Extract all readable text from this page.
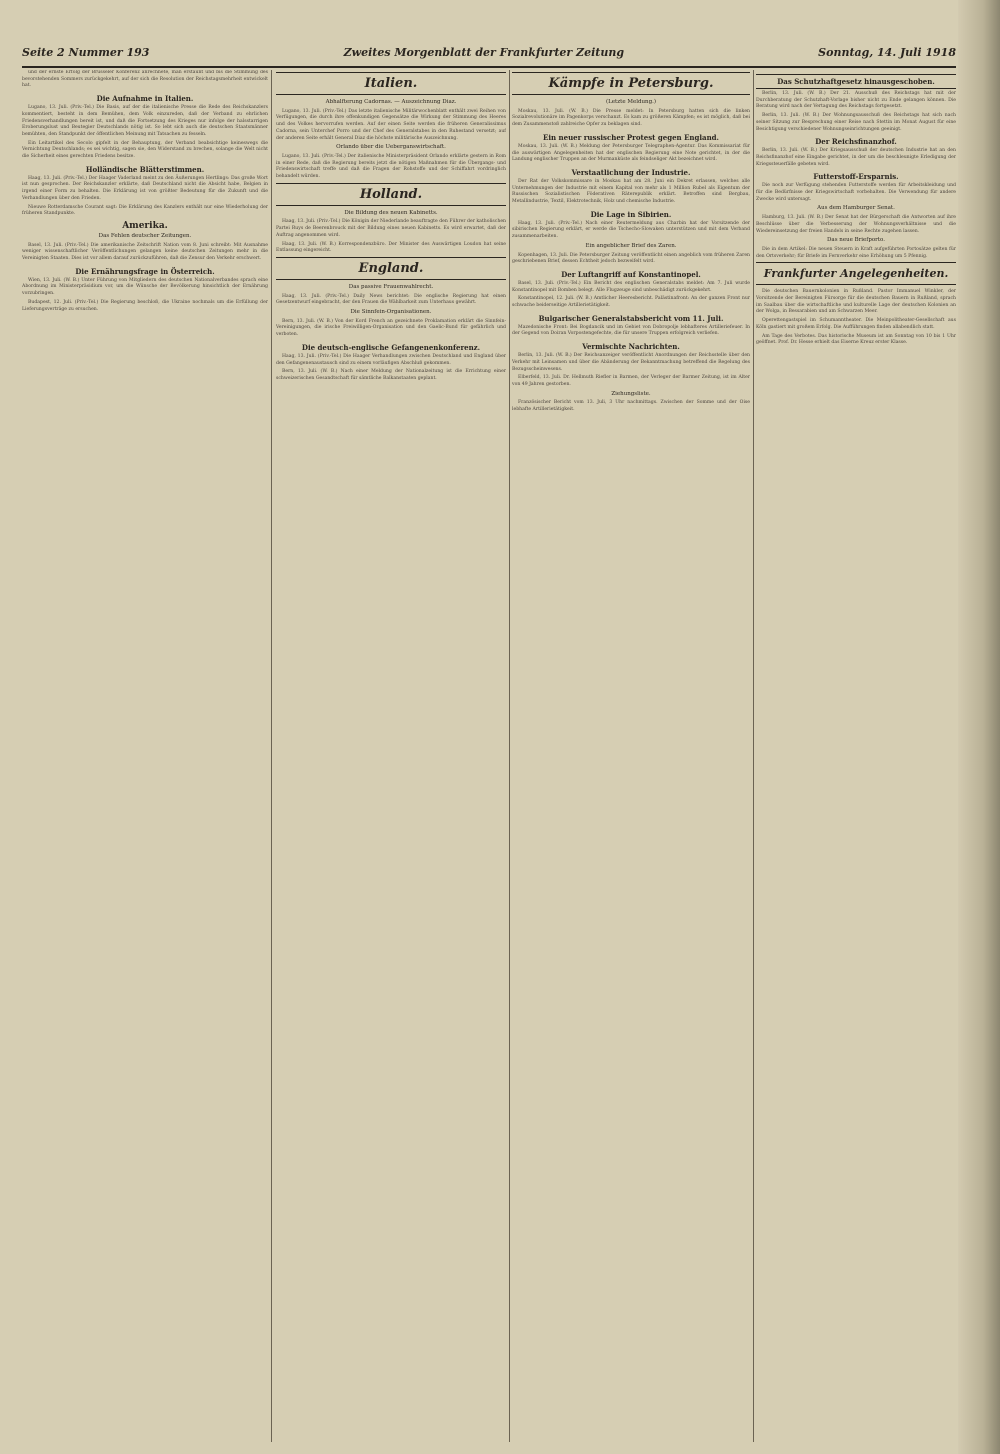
Seite 2 Nummer 193	Zweites Morgenblatt der Frankfurter Zeitung	Sonntag, 14. Juli 1918

und der ernste Erfolg der Brüsseler Konferenz anrechnete, man erstaunt und bis die Stimmung des bevorstehenden Sommers zurückgekehrt, auf der sich die Resolution der Reichstagsmehrheit entwickelt hat.

Die Aufnahme in Italien.

Lugano, 13. Juli. (Priv.-Tel.) Die Basis, auf der die italienische Presse die Rede des Reichskanzlers kommentiert, besteht in dem Bemühen, dem Volk einzureden, daß der Verband zu ehrlichen Friedensverhandlungen bereit ist, und daß die Fortsetzung des Krieges nur infolge der halsstarrigen Eroberungslust und Beutegier Deutschlands nötig ist. So lebt sich auch die deutschen Staatsmänner bemühten, den Standpunkt der öffentlichen Meinung mit Tatsachen zu fesseln.

Ein Leitartikel des Secolo gipfelt in der Behauptung, der Verband beabsichtige keineswegs die Vernichtung Deutschlands; es sei wichtig, sagen sie, den Widerstand zu brechen, solange die Welt nicht die Sicherheit eines gerechten Friedens besitze.

Holländische Blätterstimmen.

Haag, 13. Juli. (Priv.-Tel.) Der Haager Vaderland meint zu den Äußerungen Hertlings: Das große Wort ist nun gesprochen. Der Reichskanzler erklärte, daß Deutschland nicht die Absicht habe, Belgien in irgend einer Form zu behalten. Die Erklärung ist von größter Bedeutung für die Zukunft und die Verhandlungen über den Frieden.

Nieuwe Rotterdamsche Courant sagt: Die Erklärung des Kanzlers enthält nur eine Wiederholung der früheren Standpunkte.

Amerika.
Das Fehlen deutscher Zeitungen.

Basel, 13. Juli. (Priv.-Tel.) Die amerikanische Zeitschrift Nation vom 8. Juni schreibt: Mit Ausnahme weniger wissenschaftlicher Veröffentlichungen gelangen keine deutschen Zeitungen mehr in die Vereinigten Staaten. Dies ist vor allem darauf zurückzuführen, daß die Zensur den Verkehr erschwert.

Die Ernährungsfrage in Österreich.

Wien, 13. Juli. (W. B.) Unter Führung von Mitgliedern des deutschen Nationalverbandes sprach eine Abordnung im Ministerpräsidium vor, um die Wünsche der Bevölkerung hinsichtlich der Ernährung vorzubringen.

Budapest, 12. Juli. (Priv.-Tel.) Die Regierung beschloß, die Ukraine nochmals um die Erfüllung der Lieferungsverträge zu ersuchen.

Italien.
Abhalfterung Cadornas. — Auszeichnung Diaz.

Lugano, 13. Juli. (Priv.-Tel.) Das letzte italienische Militärwochenblatt enthält zwei Reihen von Verfügungen, die durch ihre offenkundigen Gegensätze die Wirkung der Stimmung des Heeres und des Volkes hervorrufen werden. Auf der einen Seite werden die früheren Generalissimus Cadorna, sein Unterchef Porro und der Chef des Generalstabes in den Ruhestand versetzt; auf der anderen Seite erhält General Diaz die höchste militärische Auszeichnung.

Orlando über die Ueberganswirtschaft.

Lugano, 13. Juli. (Priv.-Tel.) Der italienische Ministerpräsident Orlando erklärte gestern in Rom in einer Rede, daß die Regierung bereits jetzt die nötigen Maßnahmen für die Übergangs- und Friedenswirtschaft treffe und daß die Fragen der Rohstoffe und der Schiffahrt vordringlich behandelt würden.

Holland.
Die Bildung des neuen Kabinetts.

Haag, 13. Juli. (Priv.-Tel.) Die Königin der Niederlande beauftragte den Führer der katholischen Partei Ruys de Beerenbrouck mit der Bildung eines neuen Kabinetts. Es wird erwartet, daß der Auftrag angenommen wird.

Haag, 13. Juli. (W. B.) Korrespondenzbüro. Der Minister des Auswärtigen Loudon hat seine Entlassung eingereicht.

England.
Das passive Frauenwahlrecht.

Haag, 13. Juli. (Priv.-Tel.) Daily News berichtet: Die englische Regierung hat einen Gesetzentwurf eingebracht, der den Frauen die Wählbarkeit zum Unterhaus gewährt.

Die Sinnfein-Organisationen.

Bern, 13. Juli. (W. B.) Von der Kord French an gezeichnete Proklamation erklärt die Sinnfein-Vereinigungen, die irische Freiwilligen-Organisation und den Gaelic-Bund für gefährlich und verboten.

Die deutsch-englische Gefangenenkonferenz.

Haag, 13. Juli. (Priv.-Tel.) Die Haager Verhandlungen zwischen Deutschland und England über den Gefangenenaustausch sind zu einem vorläufigen Abschluß gekommen.

Bern, 13. Juli. (W. B.) Nach einer Meldung der Nationalzeitung ist die Errichtung einer schweizerischen Gesandtschaft für sämtliche Balkanstaaten geplant.

Kämpfe in Petersburg.
(Letzte Meldung.)

Moskau, 13. Juli. (W. B.) Die Presse meldet: In Petersburg hatten sich die linken Sozialrevolutionäre im Pagenkorps verschanzt. Es kam zu größeren Kämpfen; es ist möglich, daß bei dem Zusammenstoß zahlreiche Opfer zu beklagen sind.

Ein neuer russischer Protest gegen England.

Moskau, 13. Juli. (W. B.) Meldung der Petersburger Telegraphen-Agentur. Das Kommissariat für die auswärtigen Angelegenheiten hat der englischen Regierung eine Note gerichtet, in der die Landung englischer Truppen an der Murmanküste als feindseliger Akt bezeichnet wird.

Verstaatlichung der Industrie.

Der Rat der Volkskommissare in Moskau hat am 28. Juni ein Dekret erlassen, welches alle Unternehmungen der Industrie mit einem Kapital von mehr als 1 Million Rubel als Eigentum der Russischen Sozialistischen Föderativen Räterepublik erklärt. Betroffen sind Bergbau, Metallindustrie, Textil, Elektrotechnik, Holz und chemische Industrie.

Die Lage in Sibirien.

Haag, 13. Juli. (Priv.-Tel.) Nach einer Reutermeldung aus Charbin hat der Vorsitzende der sibirischen Regierung erklärt, er werde die Tschecho-Slowaken unterstützen und mit dem Verband zusammenarbeiten.

Ein angeblicher Brief des Zaren.

Kopenhagen, 13. Juli. Die Petersburger Zeitung veröffentlicht einen angeblich vom früheren Zaren geschriebenen Brief, dessen Echtheit jedoch bezweifelt wird.

Der Luftangriff auf Konstantinopel.

Basel, 13. Juli. (Priv.-Tel.) Ein Bericht des englischen Generalstabs meldet: Am 7. Juli wurde Konstantinopel mit Bomben belegt. Alle Flugzeuge sind unbeschädigt zurückgekehrt.

Konstantinopel, 12. Juli. (W. B.) Amtlicher Heeresbericht. Palästinafront: An der ganzen Front nur schwache beiderseitige Artillerietätigkeit.

Bulgarischer Generalstabsbericht vom 11. Juli.

Mazedonische Front: Bei Bogdancik und im Gebiet von Dobropolje lebhafteres Artilleriefeuer. In der Gegend von Doiran Vorpostengefechte, die für unsere Truppen erfolgreich verliefen.

Vermischte Nachrichten.

Berlin, 13. Juli. (W. B.) Der Reichsanzeiger veröffentlicht Anordnungen der Reichsstelle über den Verkehr mit Leinsamen und über die Abänderung der Bekanntmachung betreffend die Regelung des Bezugsscheinwesens.

Elberfeld, 13. Juli. Dr. Hellmuth Riefler in Barmen, der Verleger der Barmer Zeitung, ist im Alter von 49 Jahren gestorben.

Ziehungsliste.

Französischer Bericht vom 13. Juli, 3 Uhr nachmittags. Zwischen der Somme und der Oise lebhafte Artillerietätigkeit.

Das Schutzhaftgesetz hinausgeschoben.

Berlin, 13. Juli. (W. B.) Der 21. Ausschuß des Reichstags hat mit der Durchberatung der Schutzhaft-Vorlage bisher nicht zu Ende gelangen können. Die Beratung wird nach der Vertagung des Reichstags fortgesetzt.

Berlin, 13. Juli. (W. B.) Der Wohnungsausschuß des Reichstags hat sich nach seiner Sitzung zur Besprechung einer Reise nach Stettin im Monat August für eine Besichtigung verschiedener Wohnungseinrichtungen geeinigt.

Der Reichsfinanzhof.

Berlin, 13. Juli. (W. B.) Der Kriegsausschuß der deutschen Industrie hat an den Reichsfinanzhof eine Eingabe gerichtet, in der um die beschleunigte Erledigung der Kriegssteuerfälle gebeten wird.

Futterstoff-Ersparnis.

Die noch zur Verfügung stehenden Futterstoffe werden für Arbeitskleidung und für die Bedürfnisse der Kriegswirtschaft vorbehalten. Die Verwendung für andere Zwecke wird untersagt.

Aus dem Hamburger Senat.

Hamburg, 13. Juli. (W. B.) Der Senat hat der Bürgerschaft die Antworten auf ihre Beschlüsse über die Verbesserung der Wohnungsverhältnisse und die Wiedereinsetzung der freien Handels in seine Rechte zugehen lassen.

Das neue Briefporto.

Die in dem Artikel: Die neuen Steuern in Kraft aufgeführten Portosätze gelten für den Ortsverkehr; für Briefe im Fernverkehr eine Erhöhung um 5 Pfennig.

Frankfurter Angelegenheiten.

Die deutschen Bauernkolonien in Rußland. Pastor Immanuel Winkler, der Vorsitzende der Bereinigten Fürsorge für die deutschen Bauern in Rußland, sprach im Saalbau über die wirtschaftliche und kulturelle Lage der deutschen Kolonien an der Wolga, in Bessarabien und am Schwarzen Meer.

Operettengastspiel im Schumanntheater. Die Meinpolitheater-Gesellschaft aus Köln gastiert mit großem Erfolg. Die Aufführungen finden allabendlich statt.

Am Tage des Verbotes. Das historische Museum ist am Sonntag von 10 bis 1 Uhr geöffnet. Prof. Dr. Hesse erhielt das Eiserne Kreuz erster Klasse.
